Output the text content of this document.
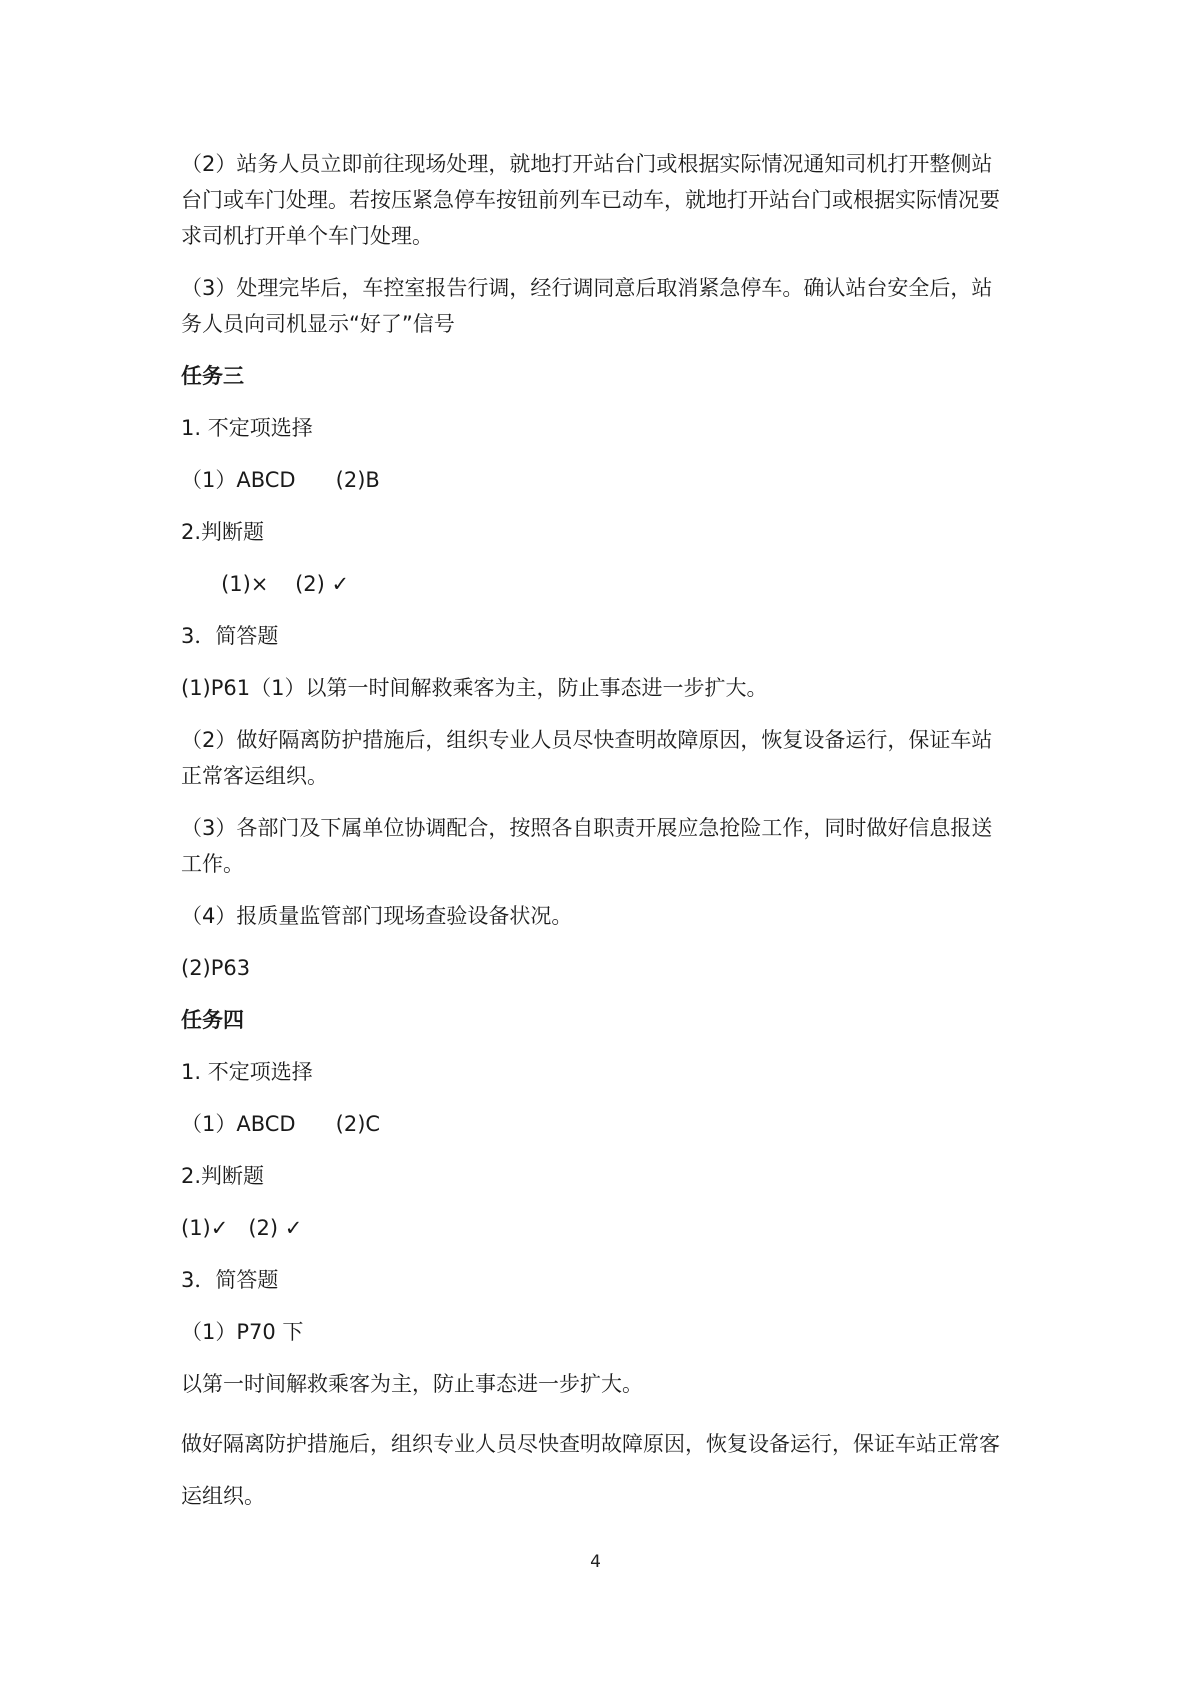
（2）站务人员立即前往现场处理，就地打开站台门或根据实际情况通知司机打开整侧站台门或车门处理。若按压紧急停车按钮前列车已动车，就地打开站台门或根据实际情况要求司机打开单个车门处理。

（3）处理完毕后，车控室报告行调，经行调同意后取消紧急停车。确认站台安全后，站务人员向司机显示“好了”信号

任务三

1. 不定项选择

（1）ABCD      (2)B

2.判断题

(1)×    (2) ✓

3．简答题

(1)P61（1）以第一时间解救乘客为主，防止事态进一步扩大。

（2）做好隔离防护措施后，组织专业人员尽快查明故障原因，恢复设备运行，保证车站正常客运组织。

（3）各部门及下属单位协调配合，按照各自职责开展应急抢险工作，同时做好信息报送工作。

（4）报质量监管部门现场查验设备状况。

(2)P63

任务四

1. 不定项选择

（1）ABCD      (2)C

2.判断题

(1)✓   (2) ✓

3．简答题

（1）P70 下

以第一时间解救乘客为主，防止事态进一步扩大。

做好隔离防护措施后，组织专业人员尽快查明故障原因，恢复设备运行，保证车站正常客运组织。

4
